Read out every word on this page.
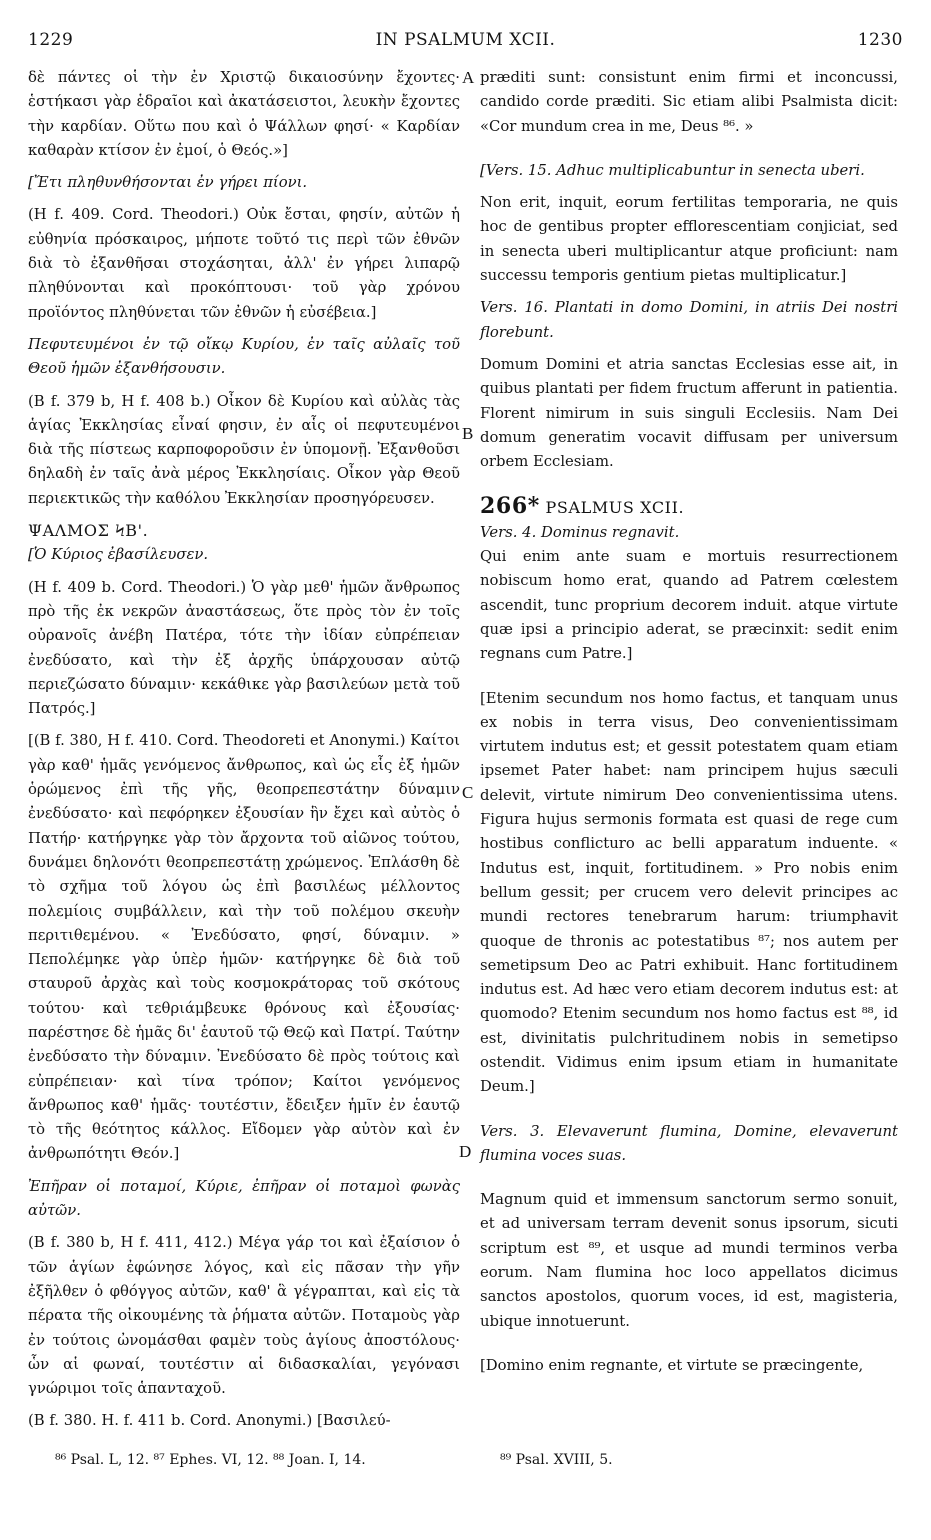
1229	IN PSALMUM XCII.	1230

δὲ πάντες οἱ τὴν ἐν Χριστῷ δικαιοσύνην ἔχοντες· ἑστήκασι γὰρ ἑδραῖοι καὶ ἀκατάσειστοι, λευκὴν ἔχοντες τὴν καρδίαν. Οὕτω που καὶ ὁ Ψάλλων φησί· « Καρδίαν καθαρὰν κτίσον ἐν ἐμοί, ὁ Θεός.»]

[Ἔτι πληθυνθήσονται ἐν γήρει πίονι.

(Η f. 409. Cord. Theodori.) Οὐκ ἔσται, φησίν, αὐτῶν ἡ εὐθηνία πρόσκαιρος, μήποτε τοῦτό τις περὶ τῶν ἐθνῶν διὰ τὸ ἐξανθῆσαι στοχάσηται, ἀλλ' ἐν γήρει λιπαρῷ πληθύνονται καὶ προκόπτουσι· τοῦ γὰρ χρόνου προϊόντος πληθύνεται τῶν ἐθνῶν ἡ εὐσέβεια.]

Πεφυτευμένοι ἐν τῷ οἴκῳ Κυρίου, ἐν ταῖς αὐλαῖς τοῦ Θεοῦ ἡμῶν ἐξανθήσουσιν.

(B f. 379 b, H f. 408 b.) Οἶκον δὲ Κυρίου καὶ αὐλὰς τὰς ἁγίας Ἐκκλησίας εἶναί φησιν, ἐν αἷς οἱ πεφυτευμένοι διὰ τῆς πίστεως καρποφοροῦσιν ἐν ὑπομονῇ. Ἐξανθοῦσι δηλαδὴ ἐν ταῖς ἀνὰ μέρος Ἐκκλησίαις. Οἶκον γὰρ Θεοῦ περιεκτικῶς τὴν καθόλου Ἐκκλησίαν προσηγόρευσεν.

ΨΑΛΜΟΣ ϞΒ'.

[Ὁ Κύριος ἐβασίλευσεν.

(Η f. 409 b. Cord. Theodori.) Ὁ γὰρ μεθ' ἡμῶν ἄνθρωπος πρὸ τῆς ἐκ νεκρῶν ἀναστάσεως, ὅτε πρὸς τὸν ἐν τοῖς οὐρανοῖς ἀνέβη Πατέρα, τότε τὴν ἰδίαν εὐπρέπειαν ἐνεδύσατο, καὶ τὴν ἐξ ἀρχῆς ὑπάρχουσαν αὐτῷ περιεζώσατο δύναμιν· κεκάθικε γὰρ βασιλεύων μετὰ τοῦ Πατρός.]

[(B f. 380, H f. 410. Cord. Theodoreti et Anonymi.) Καίτοι γὰρ καθ' ἡμᾶς γενόμενος ἄνθρωπος, καὶ ὡς εἷς ἐξ ἡμῶν ὁρώμενος ἐπὶ τῆς γῆς, θεοπρεπεστάτην δύναμιν ἐνεδύσατο· καὶ πεφόρηκεν ἐξουσίαν ἣν ἔχει καὶ αὐτὸς ὁ Πατήρ· κατήργηκε γὰρ τὸν ἄρχοντα τοῦ αἰῶνος τούτου, δυνάμει δηλονότι θεοπρεπεστάτῃ χρώμενος. Ἐπλάσθη δὲ τὸ σχῆμα τοῦ λόγου ὡς ἐπὶ βασιλέως μέλλοντος πολεμίοις συμβάλλειν, καὶ τὴν τοῦ πολέμου σκευὴν περιτιθεμένου. « Ἐνεδύσατο, φησί, δύναμιν. » Πεπολέμηκε γὰρ ὑπὲρ ἡμῶν· κατήργηκε δὲ διὰ τοῦ σταυροῦ ἀρχὰς καὶ τοὺς κοσμοκράτορας τοῦ σκότους τούτου· καὶ τεθριάμβευκε θρόνους καὶ ἐξουσίας· παρέστησε δὲ ἡμᾶς δι' ἑαυτοῦ τῷ Θεῷ καὶ Πατρί. Ταύτην ἐνεδύσατο τὴν δύναμιν. Ἐνεδύσατο δὲ πρὸς τούτοις καὶ εὐπρέπειαν· καὶ τίνα τρόπον; Καίτοι γενόμενος ἄνθρωπος καθ' ἡμᾶς· τουτέστιν, ἔδειξεν ἡμῖν ἐν ἑαυτῷ τὸ τῆς θεότητος κάλλος. Εἴδομεν γὰρ αὐτὸν καὶ ἐν ἀνθρωπότητι Θεόν.]

Ἐπῆραν οἱ ποταμοί, Κύριε, ἐπῆραν οἱ ποταμοὶ φωνὰς αὐτῶν.

(B f. 380 b, H f. 411, 412.) Μέγα γάρ τοι καὶ ἐξαίσιον ὁ τῶν ἁγίων ἐφώνησε λόγος, καὶ εἰς πᾶσαν τὴν γῆν ἐξῆλθεν ὁ φθόγγος αὐτῶν, καθ' ἃ γέγραπται, καὶ εἰς τὰ πέρατα τῆς οἰκουμένης τὰ ῥήματα αὐτῶν. Ποταμοὺς γὰρ ἐν τούτοις ὠνομάσθαι φαμὲν τοὺς ἁγίους ἀποστόλους· ὧν αἱ φωναί, τουτέστιν αἱ διδασκαλίαι, γεγόνασι γνώριμοι τοῖς ἁπανταχοῦ.

(B f. 380. H. f. 411 b. Cord. Anonymi.) [Βασιλεύ-

præditi sunt: consistunt enim firmi et inconcussi, candido corde præditi. Sic etiam alibi Psalmista dicit: «Cor mundum crea in me, Deus ⁸⁶. »

[Vers. 15. Adhuc multiplicabuntur in senecta uberi.

Non erit, inquit, eorum fertilitas temporaria, ne quis hoc de gentibus propter efflorescentiam conjiciat, sed in senecta uberi multiplicantur atque proficiunt: nam successu temporis gentium pietas multiplicatur.]

Vers. 16. Plantati in domo Domini, in atriis Dei nostri florebunt.

Domum Domini et atria sanctas Ecclesias esse ait, in quibus plantati per fidem fructum afferunt in patientia. Florent nimirum in suis singuli Ecclesiis. Nam Dei domum generatim vocavit diffusam per universum orbem Ecclesiam.

266* PSALMUS XCII.

Vers. 4. Dominus regnavit.

Qui enim ante suam e mortuis resurrectionem nobiscum homo erat, quando ad Patrem cœlestem ascendit, tunc proprium decorem induit. atque virtute quæ ipsi a principio aderat, se præcinxit: sedit enim regnans cum Patre.]

[Etenim secundum nos homo factus, et tanquam unus ex nobis in terra visus, Deo convenientissimam virtutem indutus est; et gessit potestatem quam etiam ipsemet Pater habet: nam principem hujus sæculi delevit, virtute nimirum Deo convenientissima utens. Figura hujus sermonis formata est quasi de rege cum hostibus conflicturo ac belli apparatum induente. « Indutus est, inquit, fortitudinem. » Pro nobis enim bellum gessit; per crucem vero delevit principes ac mundi rectores tenebrarum harum: triumphavit quoque de thronis ac potestatibus ⁸⁷; nos autem per semetipsum Deo ac Patri exhibuit. Hanc fortitudinem indutus est. Ad hæc vero etiam decorem indutus est: at quomodo? Etenim secundum nos homo factus est ⁸⁸, id est, divinitatis pulchritudinem nobis in semetipso ostendit. Vidimus enim ipsum etiam in humanitate Deum.]

Vers. 3. Elevaverunt flumina, Domine, elevaverunt flumina voces suas.

Magnum quid et immensum sanctorum sermo sonuit, et ad universam terram devenit sonus ipsorum, sicuti scriptum est ⁸⁹, et usque ad mundi terminos verba eorum. Nam flumina hoc loco appellatos dicimus sanctos apostolos, quorum voces, id est, magisteria, ubique innotuerunt.

[Domino enim regnante, et virtute se præcingente,

A
B
C
D
⁸⁶ Psal. L, 12. ⁸⁷ Ephes. VI, 12. ⁸⁸ Joan. I, 14.	⁸⁹ Psal. XVIII, 5.
